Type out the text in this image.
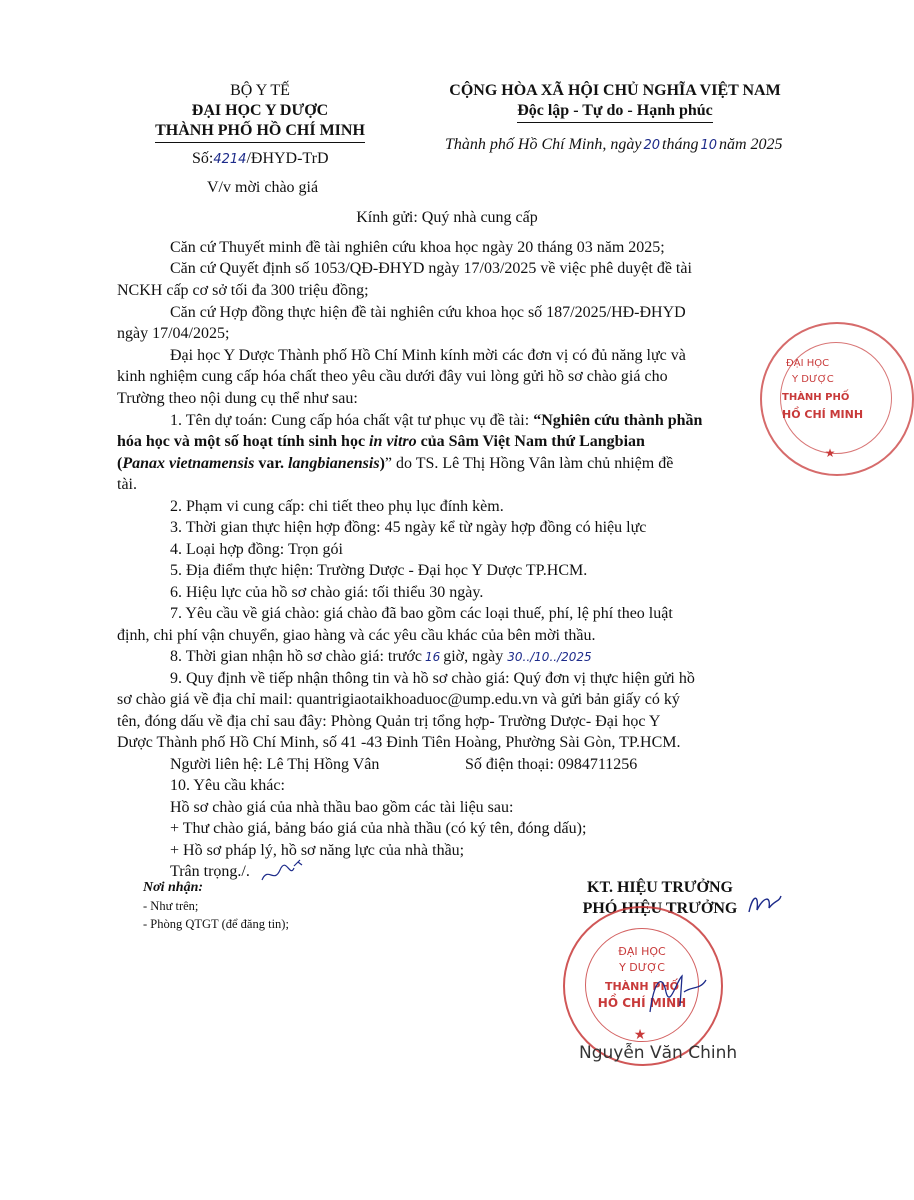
BỘ Y TẾ
ĐẠI HỌC Y DƯỢC
THÀNH PHỐ HỒ CHÍ MINH
Số:4214/ĐHYD-TrD
V/v mời chào giá
CỘNG HÒA XÃ HỘI CHỦ NGHĨA VIỆT NAM
Độc lập - Tự do - Hạnh phúc
Thành phố Hồ Chí Minh, ngày 20 tháng 10 năm 2025
Kính gửi: Quý nhà cung cấp
Căn cứ Thuyết minh đề tài nghiên cứu khoa học ngày 20 tháng 03 năm 2025;
Căn cứ Quyết định số 1053/QĐ-ĐHYD ngày 17/03/2025 về việc phê duyệt đề tài
NCKH cấp cơ sở tối đa 300 triệu đồng;
Căn cứ Hợp đồng thực hiện đề tài nghiên cứu khoa học số 187/2025/HĐ-ĐHYD
ngày 17/04/2025;
Đại học Y Dược Thành phố Hồ Chí Minh kính mời các đơn vị có đủ năng lực và
kinh nghiệm cung cấp hóa chất theo yêu cầu dưới đây vui lòng gửi hồ sơ chào giá cho
Trường theo nội dung cụ thể như sau:
1. Tên dự toán: Cung cấp hóa chất vật tư phục vụ đề tài: “Nghiên cứu thành phần
hóa học và một số hoạt tính sinh học in vitro của Sâm Việt Nam thứ Langbian
(Panax vietnamensis var. langbianensis)” do TS. Lê Thị Hồng Vân làm chủ nhiệm đề
tài.
2. Phạm vi cung cấp: chi tiết theo phụ lục đính kèm.
3. Thời gian thực hiện hợp đồng: 45 ngày kể từ ngày hợp đồng có hiệu lực
4. Loại hợp đồng: Trọn gói
5. Địa điểm thực hiện: Trường Dược - Đại học Y Dược TP.HCM.
6. Hiệu lực của hồ sơ chào giá: tối thiểu 30 ngày.
7. Yêu cầu về giá chào: giá chào đã bao gồm các loại thuế, phí, lệ phí theo luật
định, chi phí vận chuyển, giao hàng và các yêu cầu khác của bên mời thầu.
8. Thời gian nhận hồ sơ chào giá: trước 16 giờ, ngày 30../10../2025
9. Quy định về tiếp nhận thông tin và hồ sơ chào giá: Quý đơn vị thực hiện gửi hồ
sơ chào giá về địa chỉ mail: quantrigiaotaikhoaduoc@ump.edu.vn và gửi bản giấy có ký
tên, đóng dấu về địa chỉ sau đây: Phòng Quản trị tổng hợp- Trường Dược- Đại học Y
Dược Thành phố Hồ Chí Minh, số 41 -43 Đinh Tiên Hoàng, Phường Sài Gòn, TP.HCM.
Người liên hệ: Lê Thị Hồng Vân	Số điện thoại: 0984711256
10. Yêu cầu khác:
Hồ sơ chào giá của nhà thầu bao gồm các tài liệu sau:
+ Thư chào giá, bảng báo giá của nhà thầu (có ký tên, đóng dấu);
+ Hồ sơ pháp lý, hồ sơ năng lực của nhà thầu;
Trân trọng./.
Nơi nhận:
- Như trên;
- Phòng QTGT (để đăng tin);
KT. HIỆU TRƯỞNG
PHÓ HIỆU TRƯỞNG
ĐẠI HỌC
Y DƯỢC
THÀNH PHỐ
HỒ CHÍ MINH
★
Nguyễn Văn Chinh
ĐẠI HỌC
Y DƯỢC
THÀNH PHỐ
HỒ CHÍ MINH
★
